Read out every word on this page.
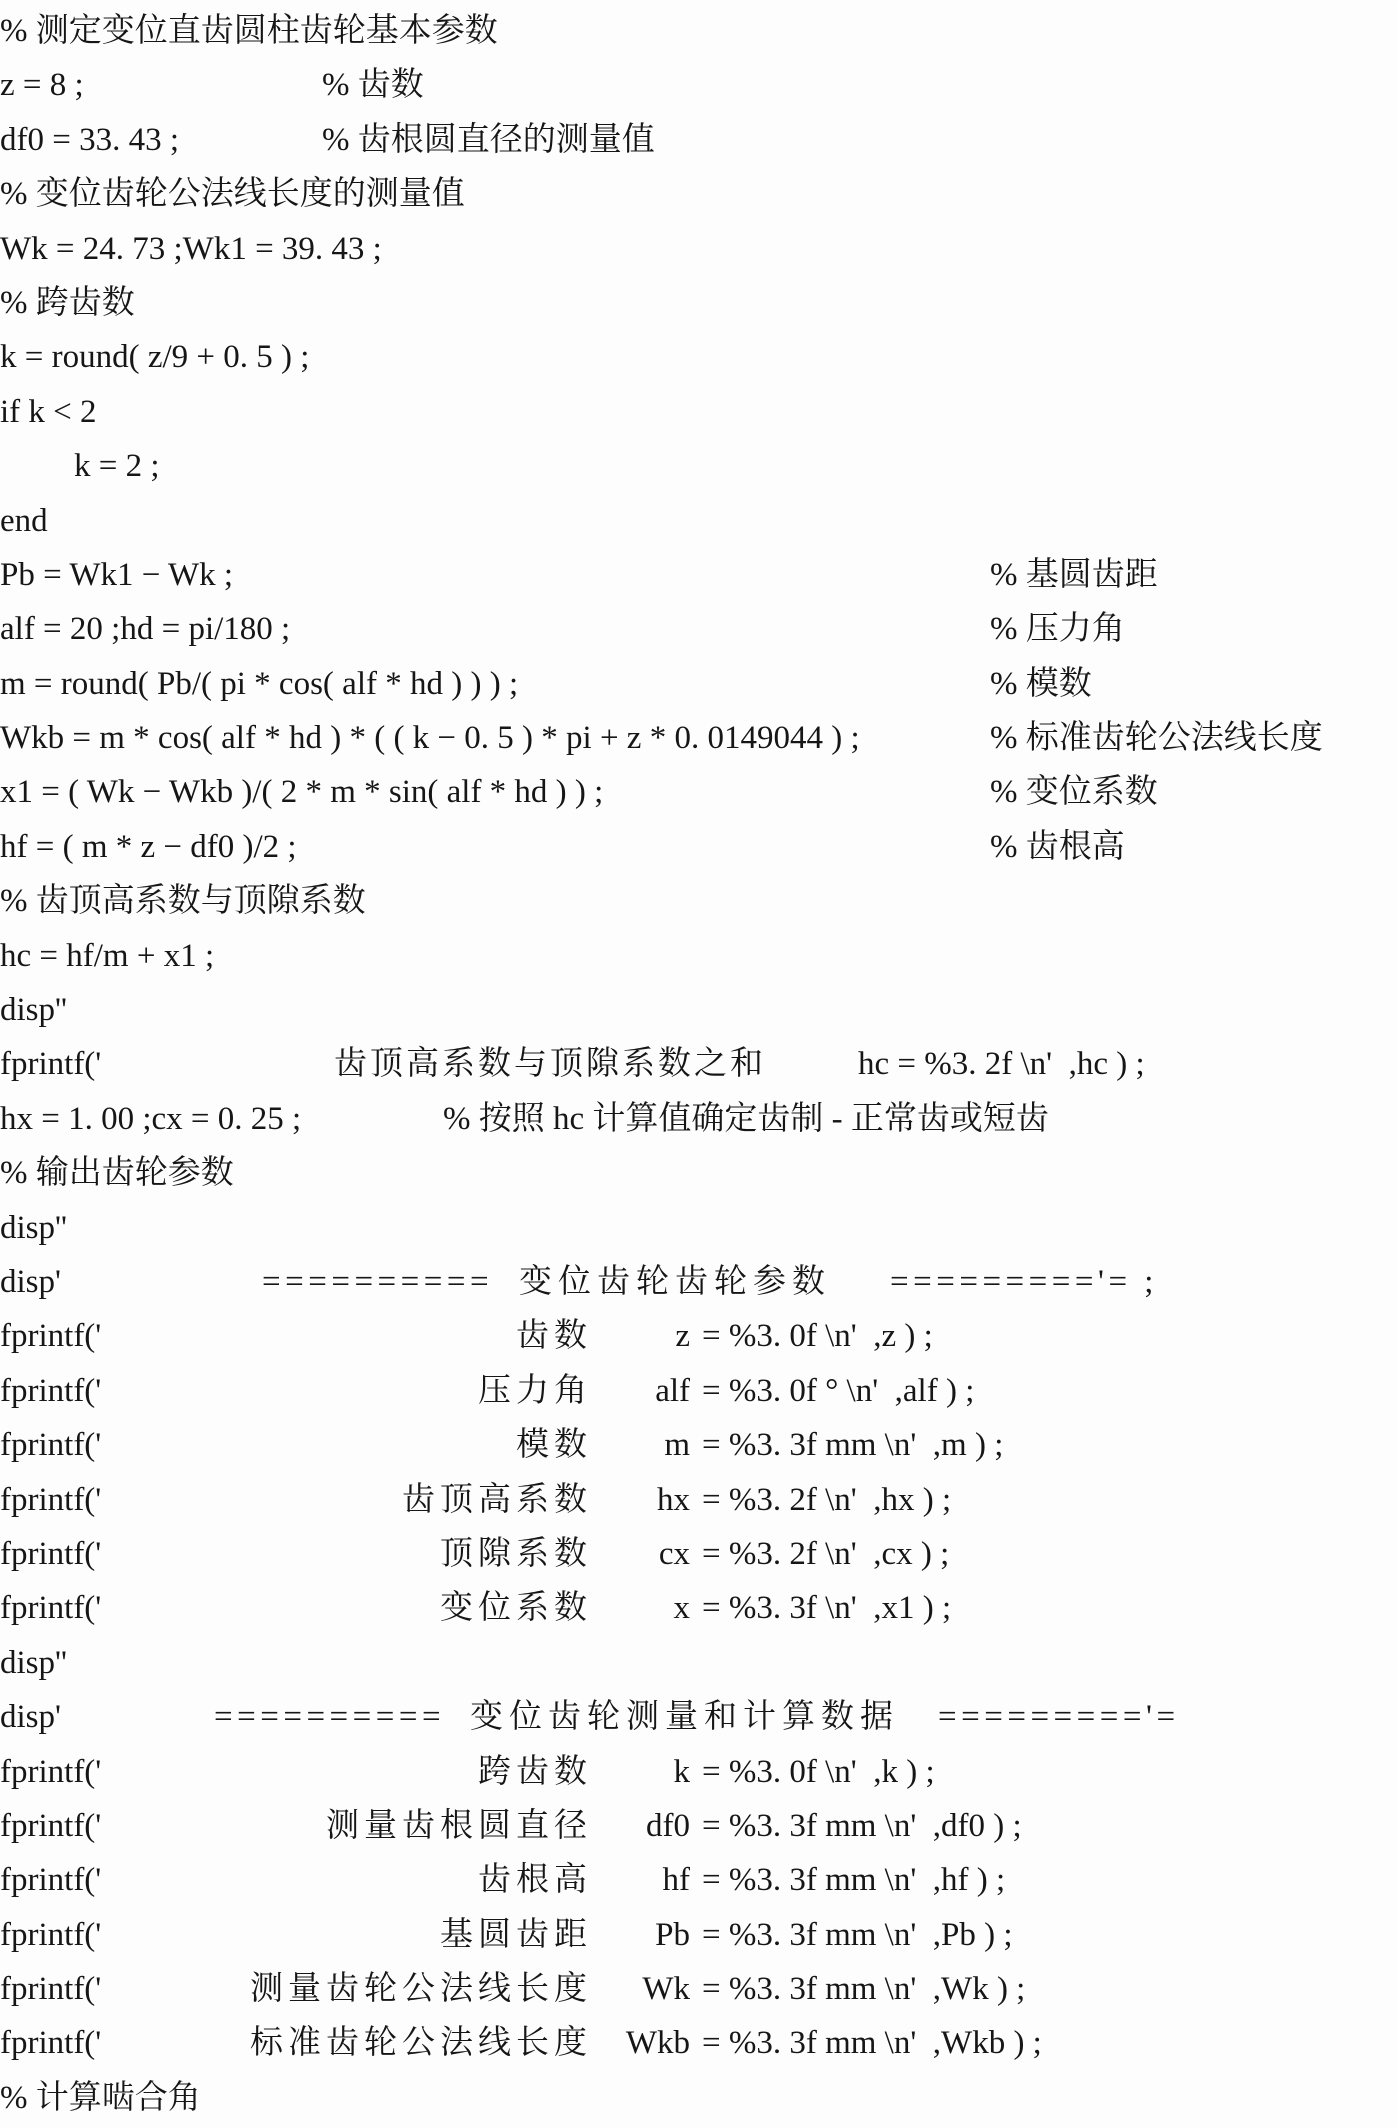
% 测定变位直齿圆柱齿轮基本参数
z = 8 ;	% 齿数
df0 = 33. 43 ;	% 齿根圆直径的测量值
% 变位齿轮公法线长度的测量值
Wk = 24. 73 ;Wk1 = 39. 43 ;
% 跨齿数
k = round( z/9 + 0. 5 ) ;
if k < 2
k = 2 ;
end
Pb = Wk1 − Wk ;	% 基圆齿距
alf = 20 ;hd = pi/180 ;	% 压力角
m = round( Pb/( pi * cos( alf * hd ) ) ) ;	% 模数
Wkb = m * cos( alf * hd ) * ( ( k − 0. 5 ) * pi + z * 0. 0149044 ) ;	% 标准齿轮公法线长度
x1 = ( Wk − Wkb )/( 2 * m * sin( alf * hd ) ) ;	% 变位系数
hf = ( m * z − df0 )/2 ;	% 齿根高
% 齿顶高系数与顶隙系数
hc = hf/m + x1 ;
disp''
fprintf('	齿顶高系数与顶隙系数之和	hc = %3. 2f \n'  ,hc ) ;
hx = 1. 00 ;cx = 0. 25 ;	% 按照 hc 计算值确定齿制 - 正常齿或短齿
% 输出齿轮参数
disp''
disp'	========== 变位齿轮齿轮参数 ========='= ;
fprintf('	齿数	z = %3. 0f \n'  ,z ) ;
fprintf('	压力角	alf = %3. 0f ° \n'  ,alf ) ;
fprintf('	模数	m = %3. 3f mm \n'  ,m ) ;
fprintf('	齿顶高系数	hx = %3. 2f \n'  ,hx ) ;
fprintf('	顶隙系数	cx = %3. 2f \n'  ,cx ) ;
fprintf('	变位系数	x = %3. 3f \n'  ,x1 ) ;
disp''
disp'	========== 变位齿轮测量和计算数据 ========='=
fprintf('	跨齿数	k = %3. 0f \n'  ,k ) ;
fprintf('	测量齿根圆直径	df0 = %3. 3f mm \n'  ,df0 ) ;
fprintf('	齿根高	hf = %3. 3f mm \n'  ,hf ) ;
fprintf('	基圆齿距	Pb = %3. 3f mm \n'  ,Pb ) ;
fprintf('	测量齿轮公法线长度	Wk = %3. 3f mm \n'  ,Wk ) ;
fprintf('	标准齿轮公法线长度	Wkb = %3. 3f mm \n'  ,Wkb ) ;
% 计算啮合角
